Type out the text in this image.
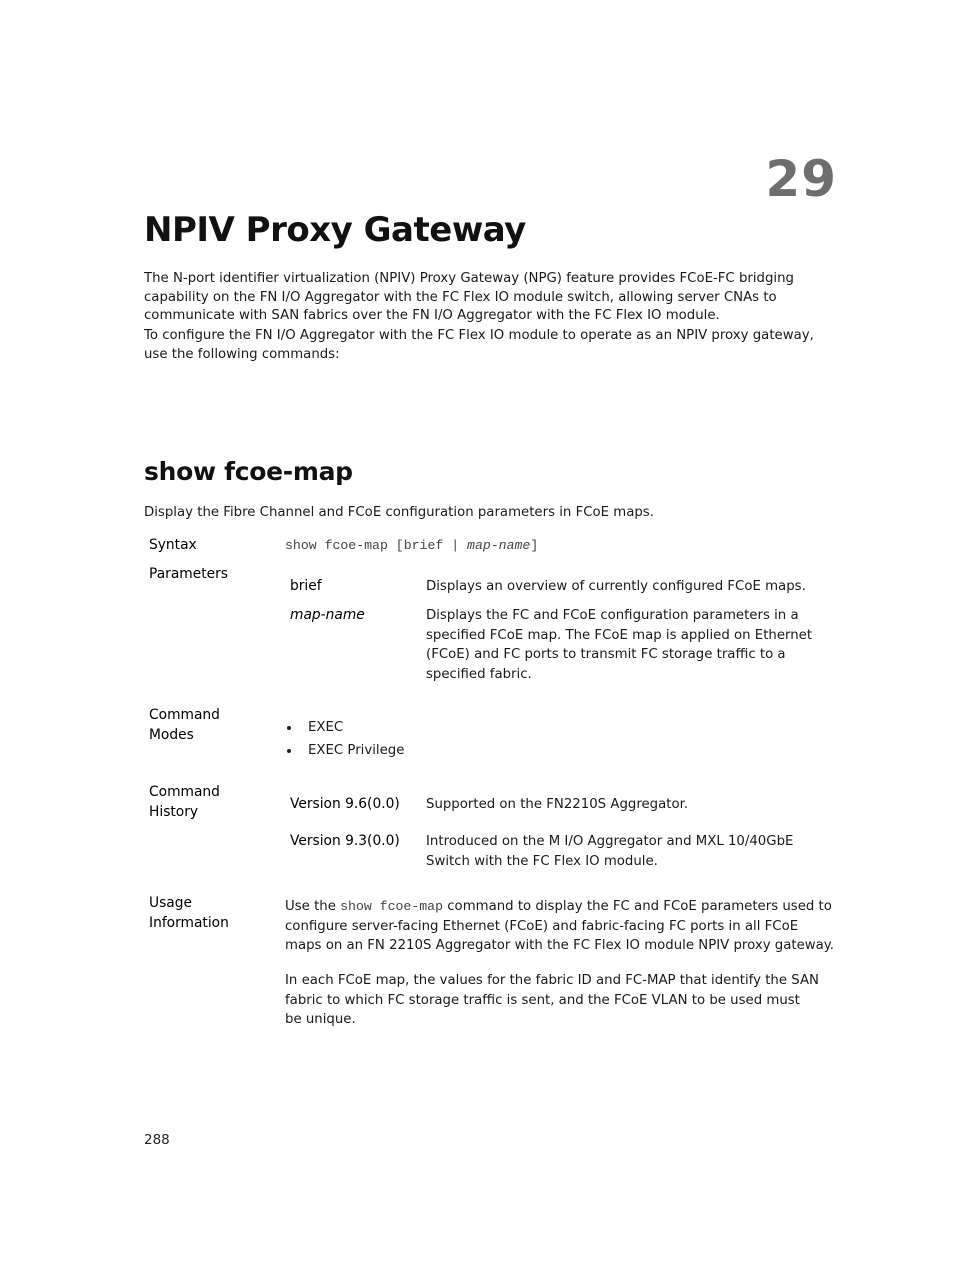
29
NPIV Proxy Gateway
The N-port identifier virtualization (NPIV) Proxy Gateway (NPG) feature provides FCoE-FC bridging capability on the FN I/O Aggregator with the FC Flex IO module switch, allowing server CNAs to communicate with SAN fabrics over the FN I/O Aggregator with the FC Flex IO module.
To configure the FN I/O Aggregator with the FC Flex IO module to operate as an NPIV proxy gateway, use the following commands:
show fcoe-map
Display the Fibre Channel and FCoE configuration parameters in FCoE maps.
Syntax	show fcoe-map [brief | map-name]
Parameters
brief	Displays an overview of currently configured FCoE maps.
map-name	Displays the FC and FCoE configuration parameters in a specified FCoE map. The FCoE map is applied on Ethernet (FCoE) and FC ports to transmit FC storage traffic to a specified fabric.
Command
Modes	EXEC
EXEC Privilege
Command
History	Version 9.6(0.0) Supported on the FN2210S Aggregator.
Version 9.3(0.0) Introduced on the M I/O Aggregator and MXL 10/40GbE Switch with the FC Flex IO module.
Usage
Information
Use the show fcoe-map command to display the FC and FCoE parameters used to configure server-facing Ethernet (FCoE) and fabric-facing FC ports in all FCoE maps on an FN 2210S Aggregator with the FC Flex IO module NPIV proxy gateway.
In each FCoE map, the values for the fabric ID and FC-MAP that identify the SAN fabric to which FC storage traffic is sent, and the FCoE VLAN to be used must be unique.
288
